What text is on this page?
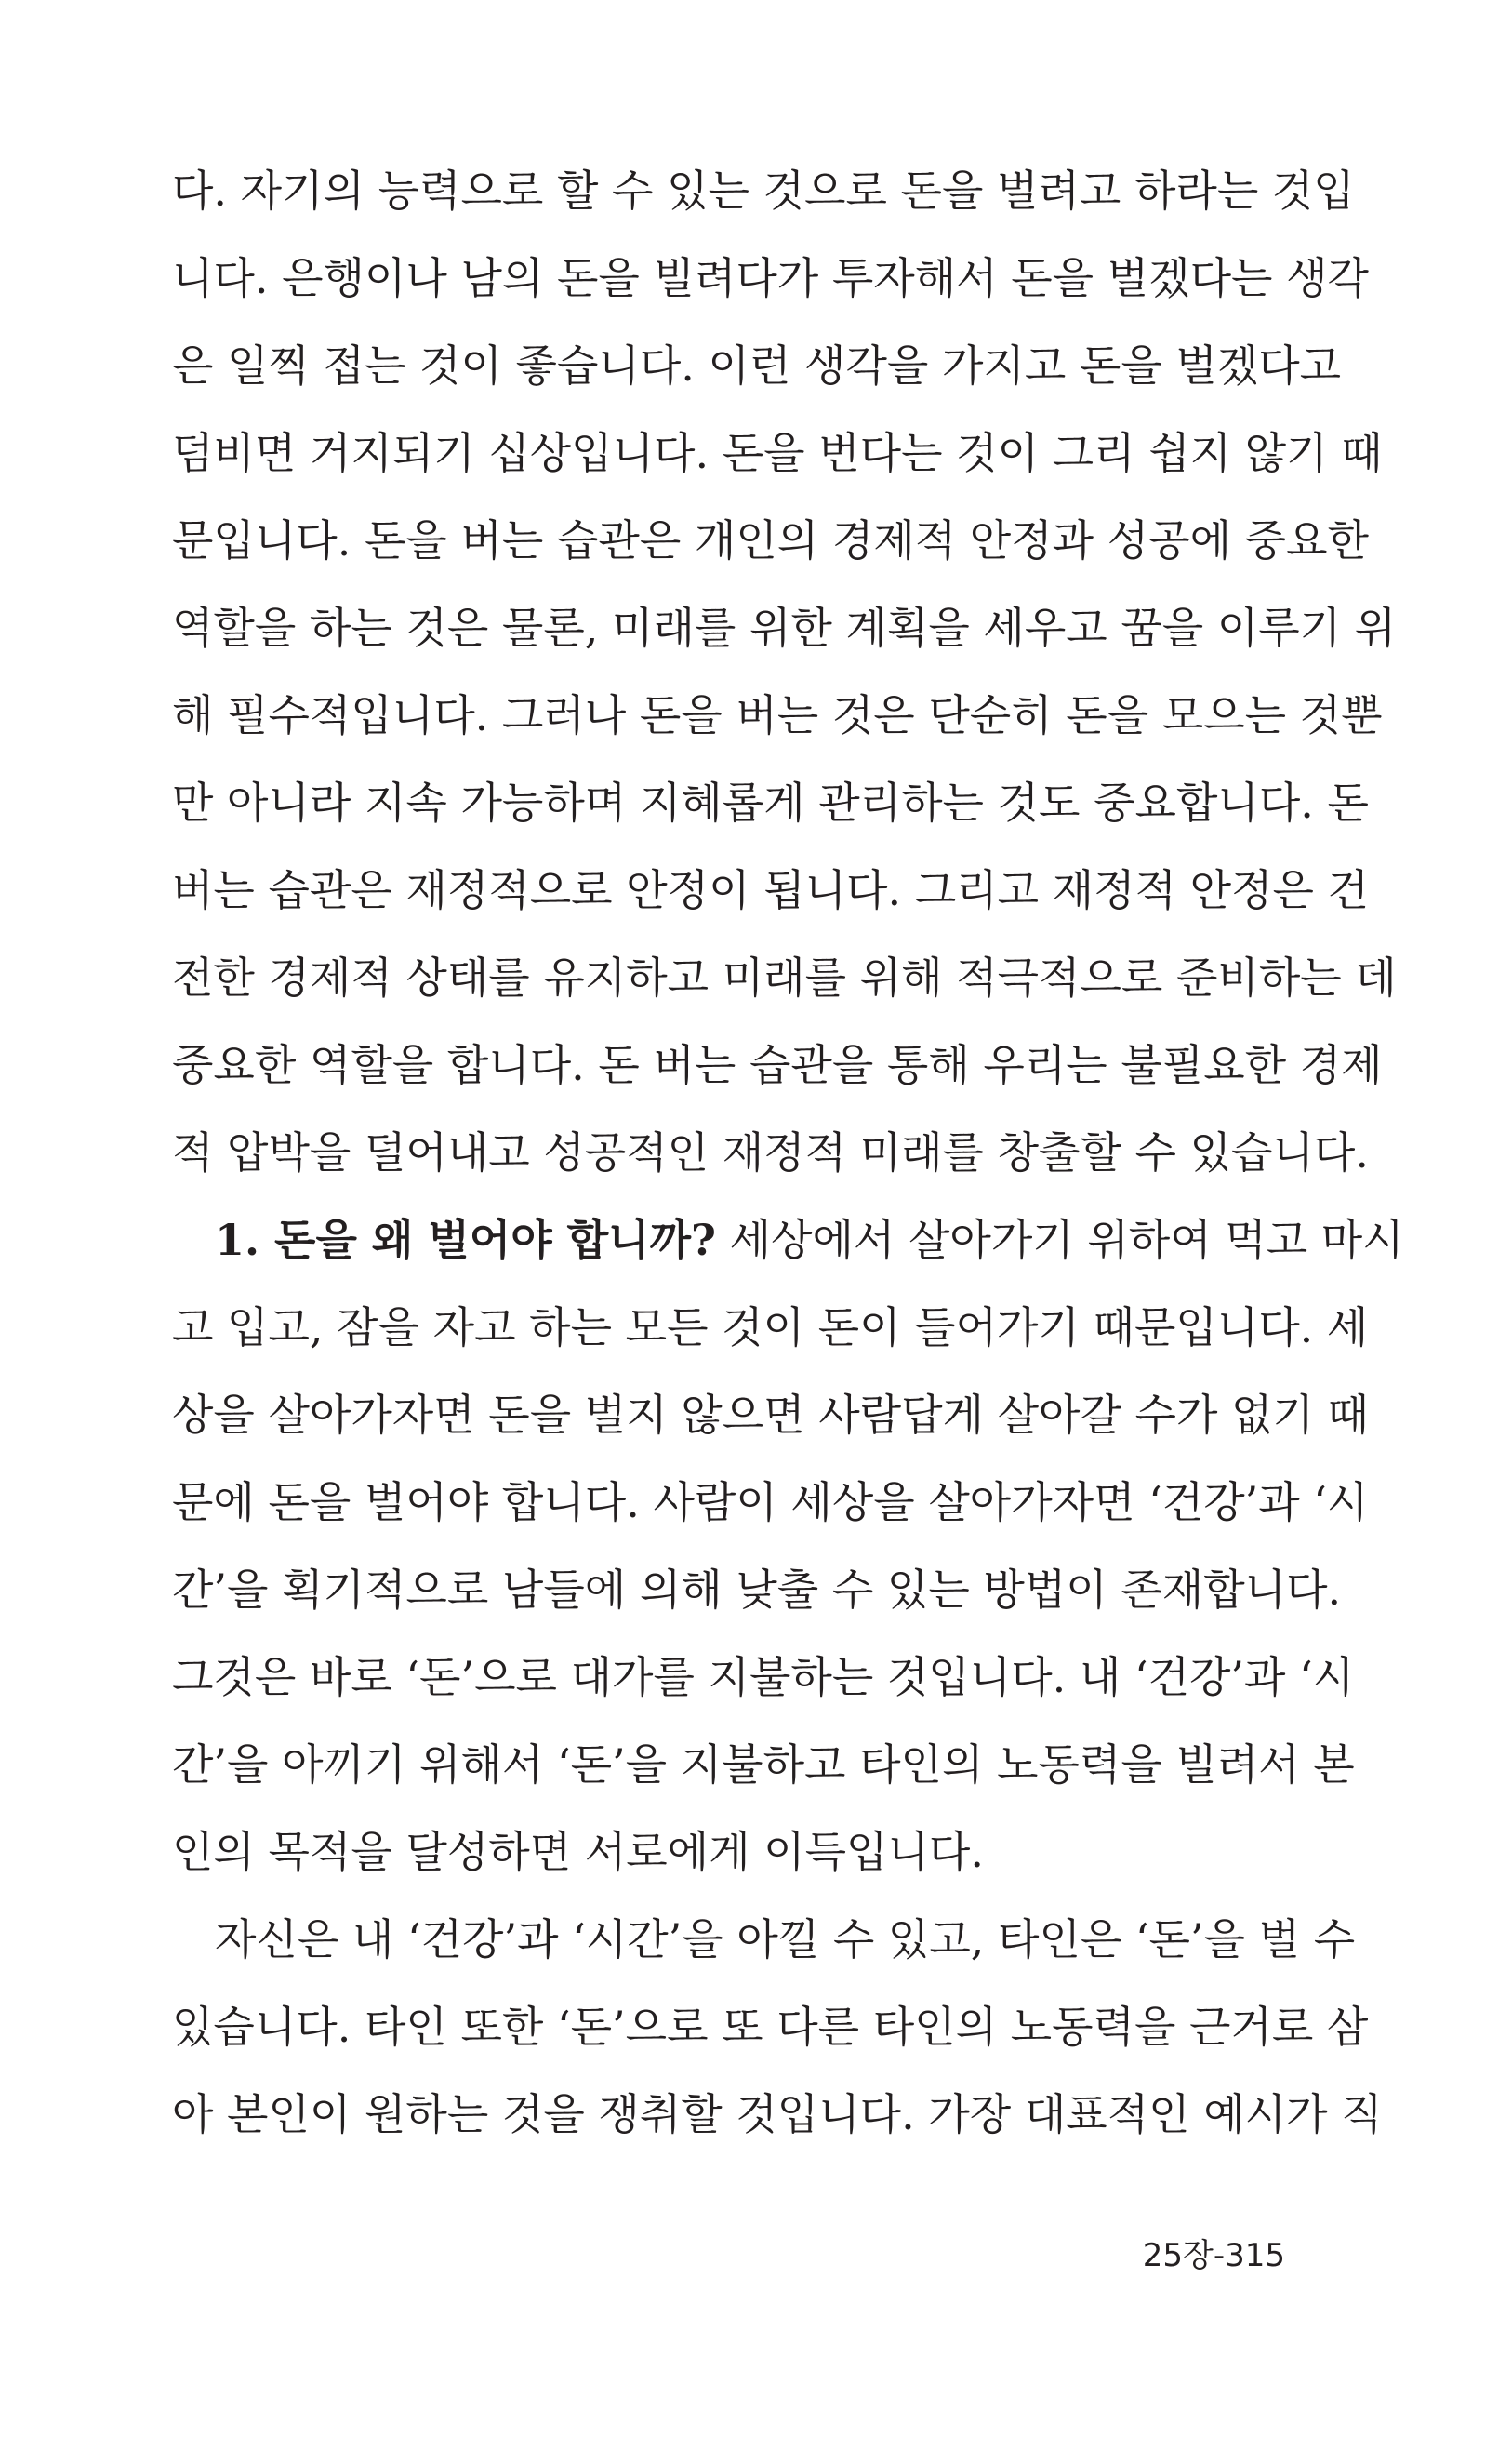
다. 자기의 능력으로 할 수 있는 것으로 돈을 벌려고 하라는 것입
니다. 은행이나 남의 돈을 빌려다가 투자해서 돈을 벌겠다는 생각
은 일찍 접는 것이 좋습니다. 이런 생각을 가지고 돈을 벌겠다고
덤비면 거지되기 십상입니다. 돈을 번다는 것이 그리 쉽지 않기 때
문입니다. 돈을 버는 습관은 개인의 경제적 안정과 성공에 중요한
역할을 하는 것은 물론, 미래를 위한 계획을 세우고 꿈을 이루기 위
해 필수적입니다. 그러나 돈을 버는 것은 단순히 돈을 모으는 것뿐
만 아니라 지속 가능하며 지혜롭게 관리하는 것도 중요합니다. 돈
버는 습관은 재정적으로 안정이 됩니다. 그리고 재정적 안정은 건
전한 경제적 상태를 유지하고 미래를 위해 적극적으로 준비하는 데
중요한 역할을 합니다. 돈 버는 습관을 통해 우리는 불필요한 경제
적 압박을 덜어내고 성공적인 재정적 미래를 창출할 수 있습니다.
1. 돈을 왜 벌어야 합니까? 세상에서 살아가기 위하여 먹고 마시
고 입고, 잠을 자고 하는 모든 것이 돈이 들어가기 때문입니다. 세
상을 살아가자면 돈을 벌지 않으면 사람답게 살아갈 수가 없기 때
문에 돈을 벌어야 합니다. 사람이 세상을 살아가자면 ‘건강’과 ‘시
간’을 획기적으로 남들에 의해 낮출 수 있는 방법이 존재합니다.
그것은 바로 ‘돈’으로 대가를 지불하는 것입니다. 내 ‘건강’과 ‘시
간’을 아끼기 위해서 ‘돈’을 지불하고 타인의 노동력을 빌려서 본
인의 목적을 달성하면 서로에게 이득입니다.
자신은 내 ‘건강’과 ‘시간’을 아낄 수 있고, 타인은 ‘돈’을 벌 수
있습니다. 타인 또한 ‘돈’으로 또 다른 타인의 노동력을 근거로 삼
아 본인이 원하는 것을 쟁취할 것입니다. 가장 대표적인 예시가 직
25장-315
